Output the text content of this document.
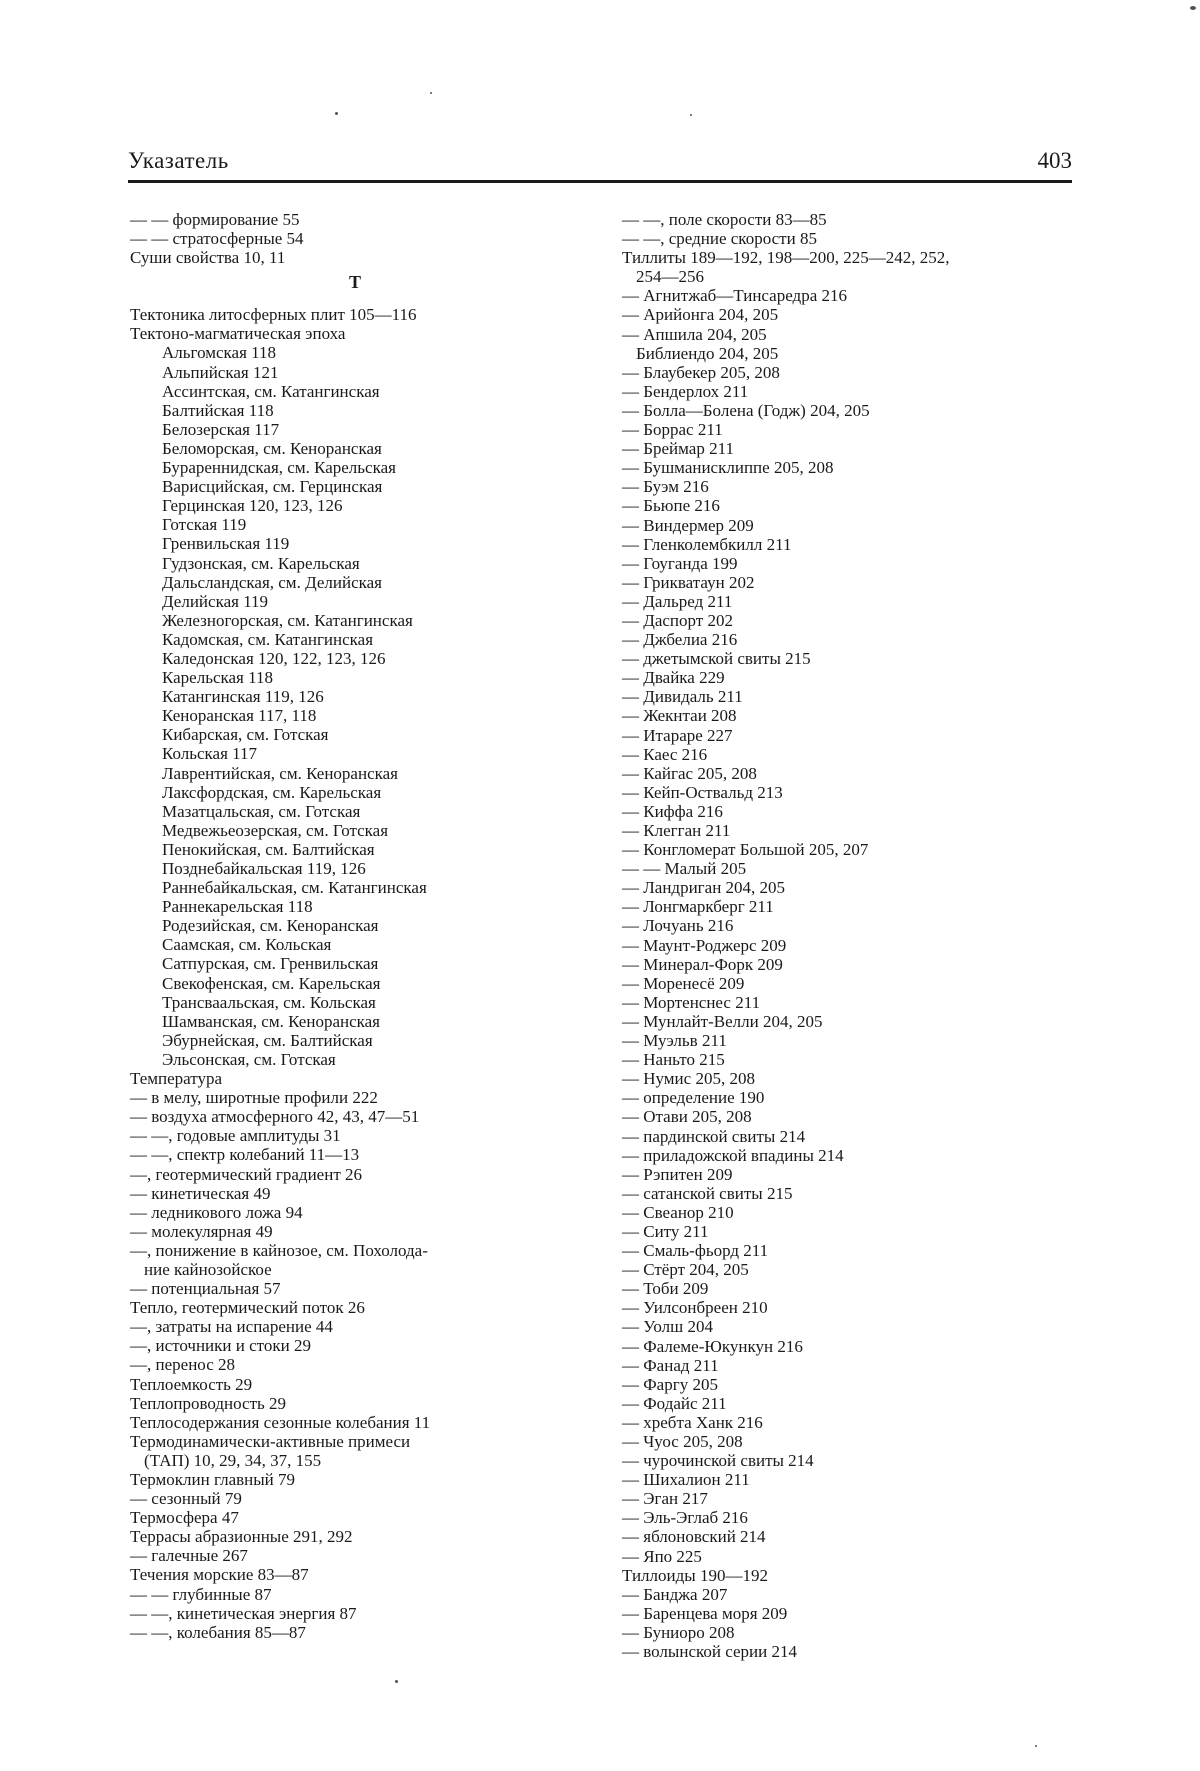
Указатель	403
— — формирование 55
— — стратосферные 54
Суши свойства 10, 11
T
Тектоника литосферных плит 105—116
Тектоно-магматическая эпоха
Альгомская 118
Альпийская 121
Ассинтская, см. Катангинская
Балтийская 118
Белозерская 117
Беломорская, см. Кеноранская
Бурареннидская, см. Карельская
Варисцийская, см. Герцинская
Герцинская 120, 123, 126
Готская 119
Гренвильская 119
Гудзонская, см. Карельская
Дальсландская, см. Делийская
Делийская 119
Железногорская, см. Катангинская
Кадомская, см. Катангинская
Каледонская 120, 122, 123, 126
Карельская 118
Катангинская 119, 126
Кеноранская 117, 118
Кибарская, см. Готская
Кольская 117
Лаврентийская, см. Кеноранская
Лаксфордская, см. Карельская
Мазатцальская, см. Готская
Медвежьеозерская, см. Готская
Пенокийская, см. Балтийская
Позднебайкальская 119, 126
Раннебайкальская, см. Катангинская
Раннекарельская 118
Родезийская, см. Кеноранская
Саамская, см. Кольская
Сатпурская, см. Гренвильская
Свекофенская, см. Карельская
Трансваальская, см. Кольская
Шамванская, см. Кеноранская
Эбурнейская, см. Балтийская
Эльсонская, см. Готская
Температура
— в мелу, широтные профили 222
— воздуха атмосферного 42, 43, 47—51
— —, годовые амплитуды 31
— —, спектр колебаний 11—13
—, геотермический градиент 26
— кинетическая 49
— ледникового ложа 94
— молекулярная 49
—, понижение в кайнозое, см. Похолода-
ние кайнозойское
— потенциальная 57
Тепло, геотермический поток 26
—, затраты на испарение 44
—, источники и стоки 29
—, перенос 28
Теплоемкость 29
Теплопроводность 29
Теплосодержания сезонные колебания 11
Термодинамически-активные примеси
(ТАП) 10, 29, 34, 37, 155
Термоклин главный 79
— сезонный 79
Термосфера 47
Террасы абразионные 291, 292
— галечные 267
Течения морские 83—87
— — глубинные 87
— —, кинетическая энергия 87
— —, колебания 85—87
— —, поле скорости 83—85
— —, средние скорости 85
Тиллиты 189—192, 198—200, 225—242, 252,
254—256
— Агнитжаб—Тинсаредра 216
— Арийонга 204, 205
— Апшила 204, 205
Библиендо 204, 205
— Блаубекер 205, 208
— Бендерлох 211
— Болла—Болена (Годж) 204, 205
— Боррас 211
— Бреймар 211
— Бушманисклиппе 205, 208
— Буэм 216
— Бьюпе 216
— Виндермер 209
— Гленколембкилл 211
— Гоуганда 199
— Грикватаун 202
— Дальред 211
— Даспорт 202
— Джбелиа 216
— джетымской свиты 215
— Двайка 229
— Дивидаль 211
— Жекнтаи 208
— Итараре 227
— Каес 216
— Кайгас 205, 208
— Кейп-Оствальд 213
— Киффа 216
— Клегган 211
— Конгломерат Большой 205, 207
— — Малый 205
— Ландриган 204, 205
— Лонгмаркберг 211
— Лочуань 216
— Маунт-Роджерс 209
— Минерал-Форк 209
— Моренесё 209
— Мортенснес 211
— Мунлайт-Велли 204, 205
— Муэльв 211
— Наньто 215
— Нумис 205, 208
— определение 190
— Отави 205, 208
— пардинской свиты 214
— приладожской впадины 214
— Рэпитен 209
— сатанской свиты 215
— Свеанор 210
— Ситу 211
— Смаль-фьорд 211
— Стёрт 204, 205
— Тоби 209
— Уилсонбреен 210
— Уолш 204
— Фалеме-Юкункун 216
— Фанад 211
— Фаргу 205
— Фодайс 211
— хребта Ханк 216
— Чуос 205, 208
— чурочинской свиты 214
— Шихалион 211
— Эган 217
— Эль-Эглаб 216
— яблоновский 214
— Япо 225
Тиллоиды 190—192
— Банджа 207
— Баренцева моря 209
— Буниоро 208
— волынской серии 214
